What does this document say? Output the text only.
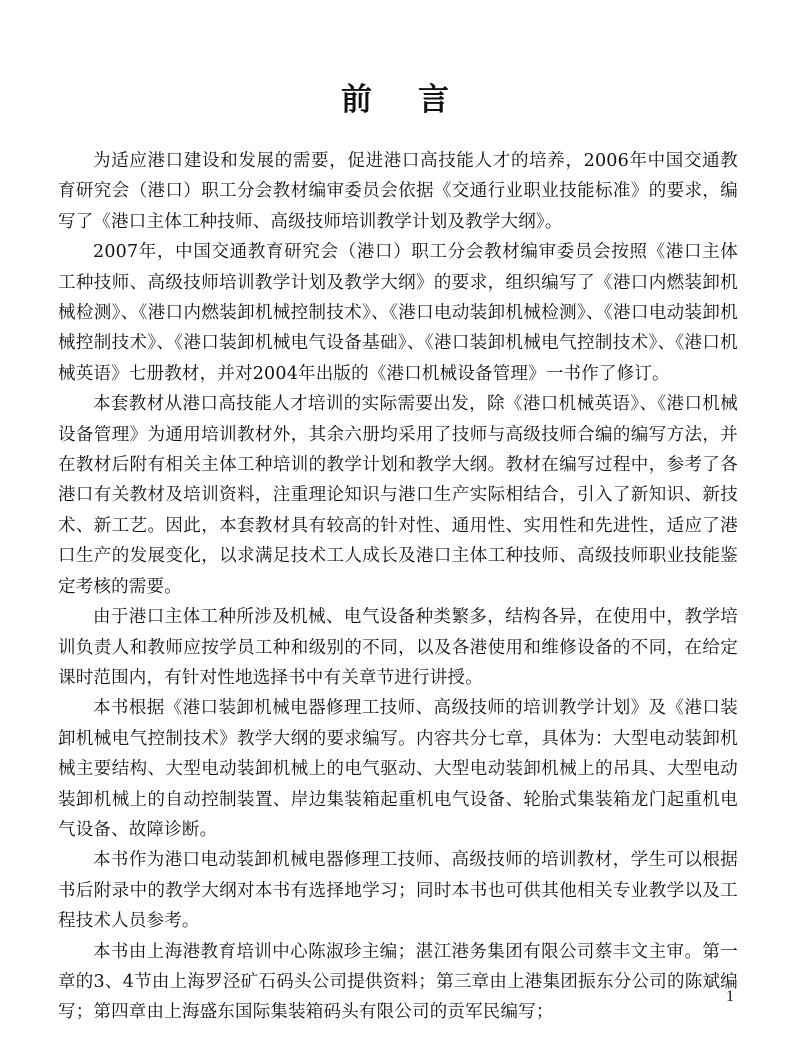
前言

为适应港口建设和发展的需要，促进港口高技能人才的培养，2006年中国交通教育研究会（港口）职工分会教材编审委员会依据《交通行业职业技能标准》的要求，编写了《港口主体工种技师、高级技师培训教学计划及教学大纲》。

2007年，中国交通教育研究会（港口）职工分会教材编审委员会按照《港口主体工种技师、高级技师培训教学计划及教学大纲》的要求，组织编写了《港口内燃装卸机械检测》、《港口内燃装卸机械控制技术》、《港口电动装卸机械检测》、《港口电动装卸机械控制技术》、《港口装卸机械电气设备基础》、《港口装卸机械电气控制技术》、《港口机械英语》七册教材，并对2004年出版的《港口机械设备管理》一书作了修订。

本套教材从港口高技能人才培训的实际需要出发，除《港口机械英语》、《港口机械设备管理》为通用培训教材外，其余六册均采用了技师与高级技师合编的编写方法，并在教材后附有相关主体工种培训的教学计划和教学大纲。教材在编写过程中，参考了各港口有关教材及培训资料，注重理论知识与港口生产实际相结合，引入了新知识、新技术、新工艺。因此，本套教材具有较高的针对性、通用性、实用性和先进性，适应了港口生产的发展变化，以求满足技术工人成长及港口主体工种技师、高级技师职业技能鉴定考核的需要。

由于港口主体工种所涉及机械、电气设备种类繁多，结构各异，在使用中，教学培训负责人和教师应按学员工种和级别的不同，以及各港使用和维修设备的不同，在给定课时范围内，有针对性地选择书中有关章节进行讲授。

本书根据《港口装卸机械电器修理工技师、高级技师的培训教学计划》及《港口装卸机械电气控制技术》教学大纲的要求编写。内容共分七章，具体为：大型电动装卸机械主要结构、大型电动装卸机械上的电气驱动、大型电动装卸机械上的吊具、大型电动装卸机械上的自动控制装置、岸边集装箱起重机电气设备、轮胎式集装箱龙门起重机电气设备、故障诊断。

本书作为港口电动装卸机械电器修理工技师、高级技师的培训教材，学生可以根据书后附录中的教学大纲对本书有选择地学习；同时本书也可供其他相关专业教学以及工程技术人员参考。

本书由上海港教育培训中心陈淑珍主编；湛江港务集团有限公司蔡丰文主审。第一章的3、4节由上海罗泾矿石码头公司提供资料；第三章由上港集团振东分公司的陈斌编写；第四章由上海盛东国际集装箱码头有限公司的贡军民编写；

1
